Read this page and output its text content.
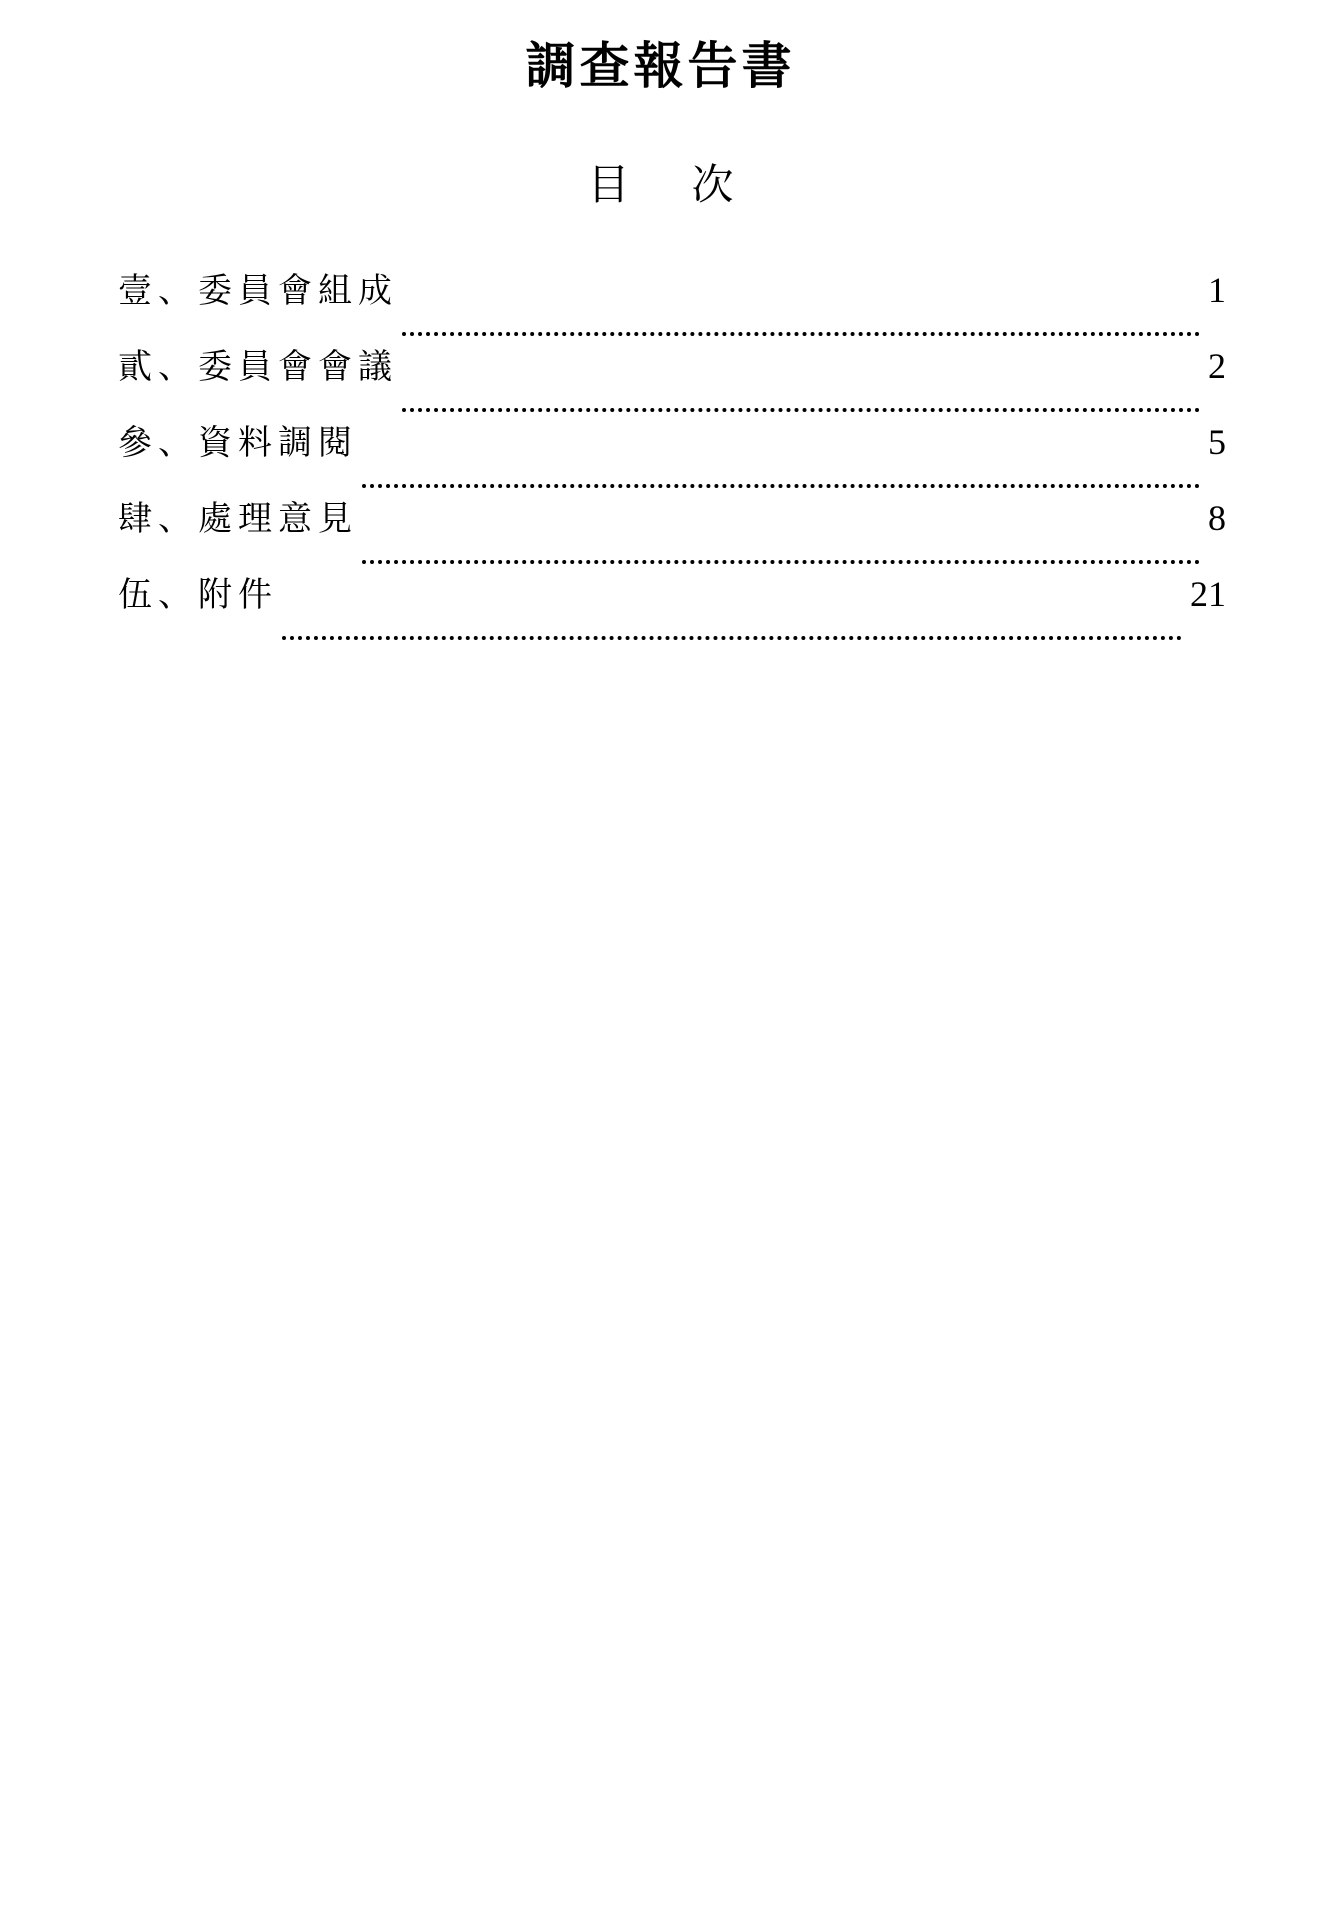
調查報告書
目 次
壹、委員會組成	1
貳、委員會會議	2
參、資料調閱	5
肆、處理意見	8
伍、附件	21
